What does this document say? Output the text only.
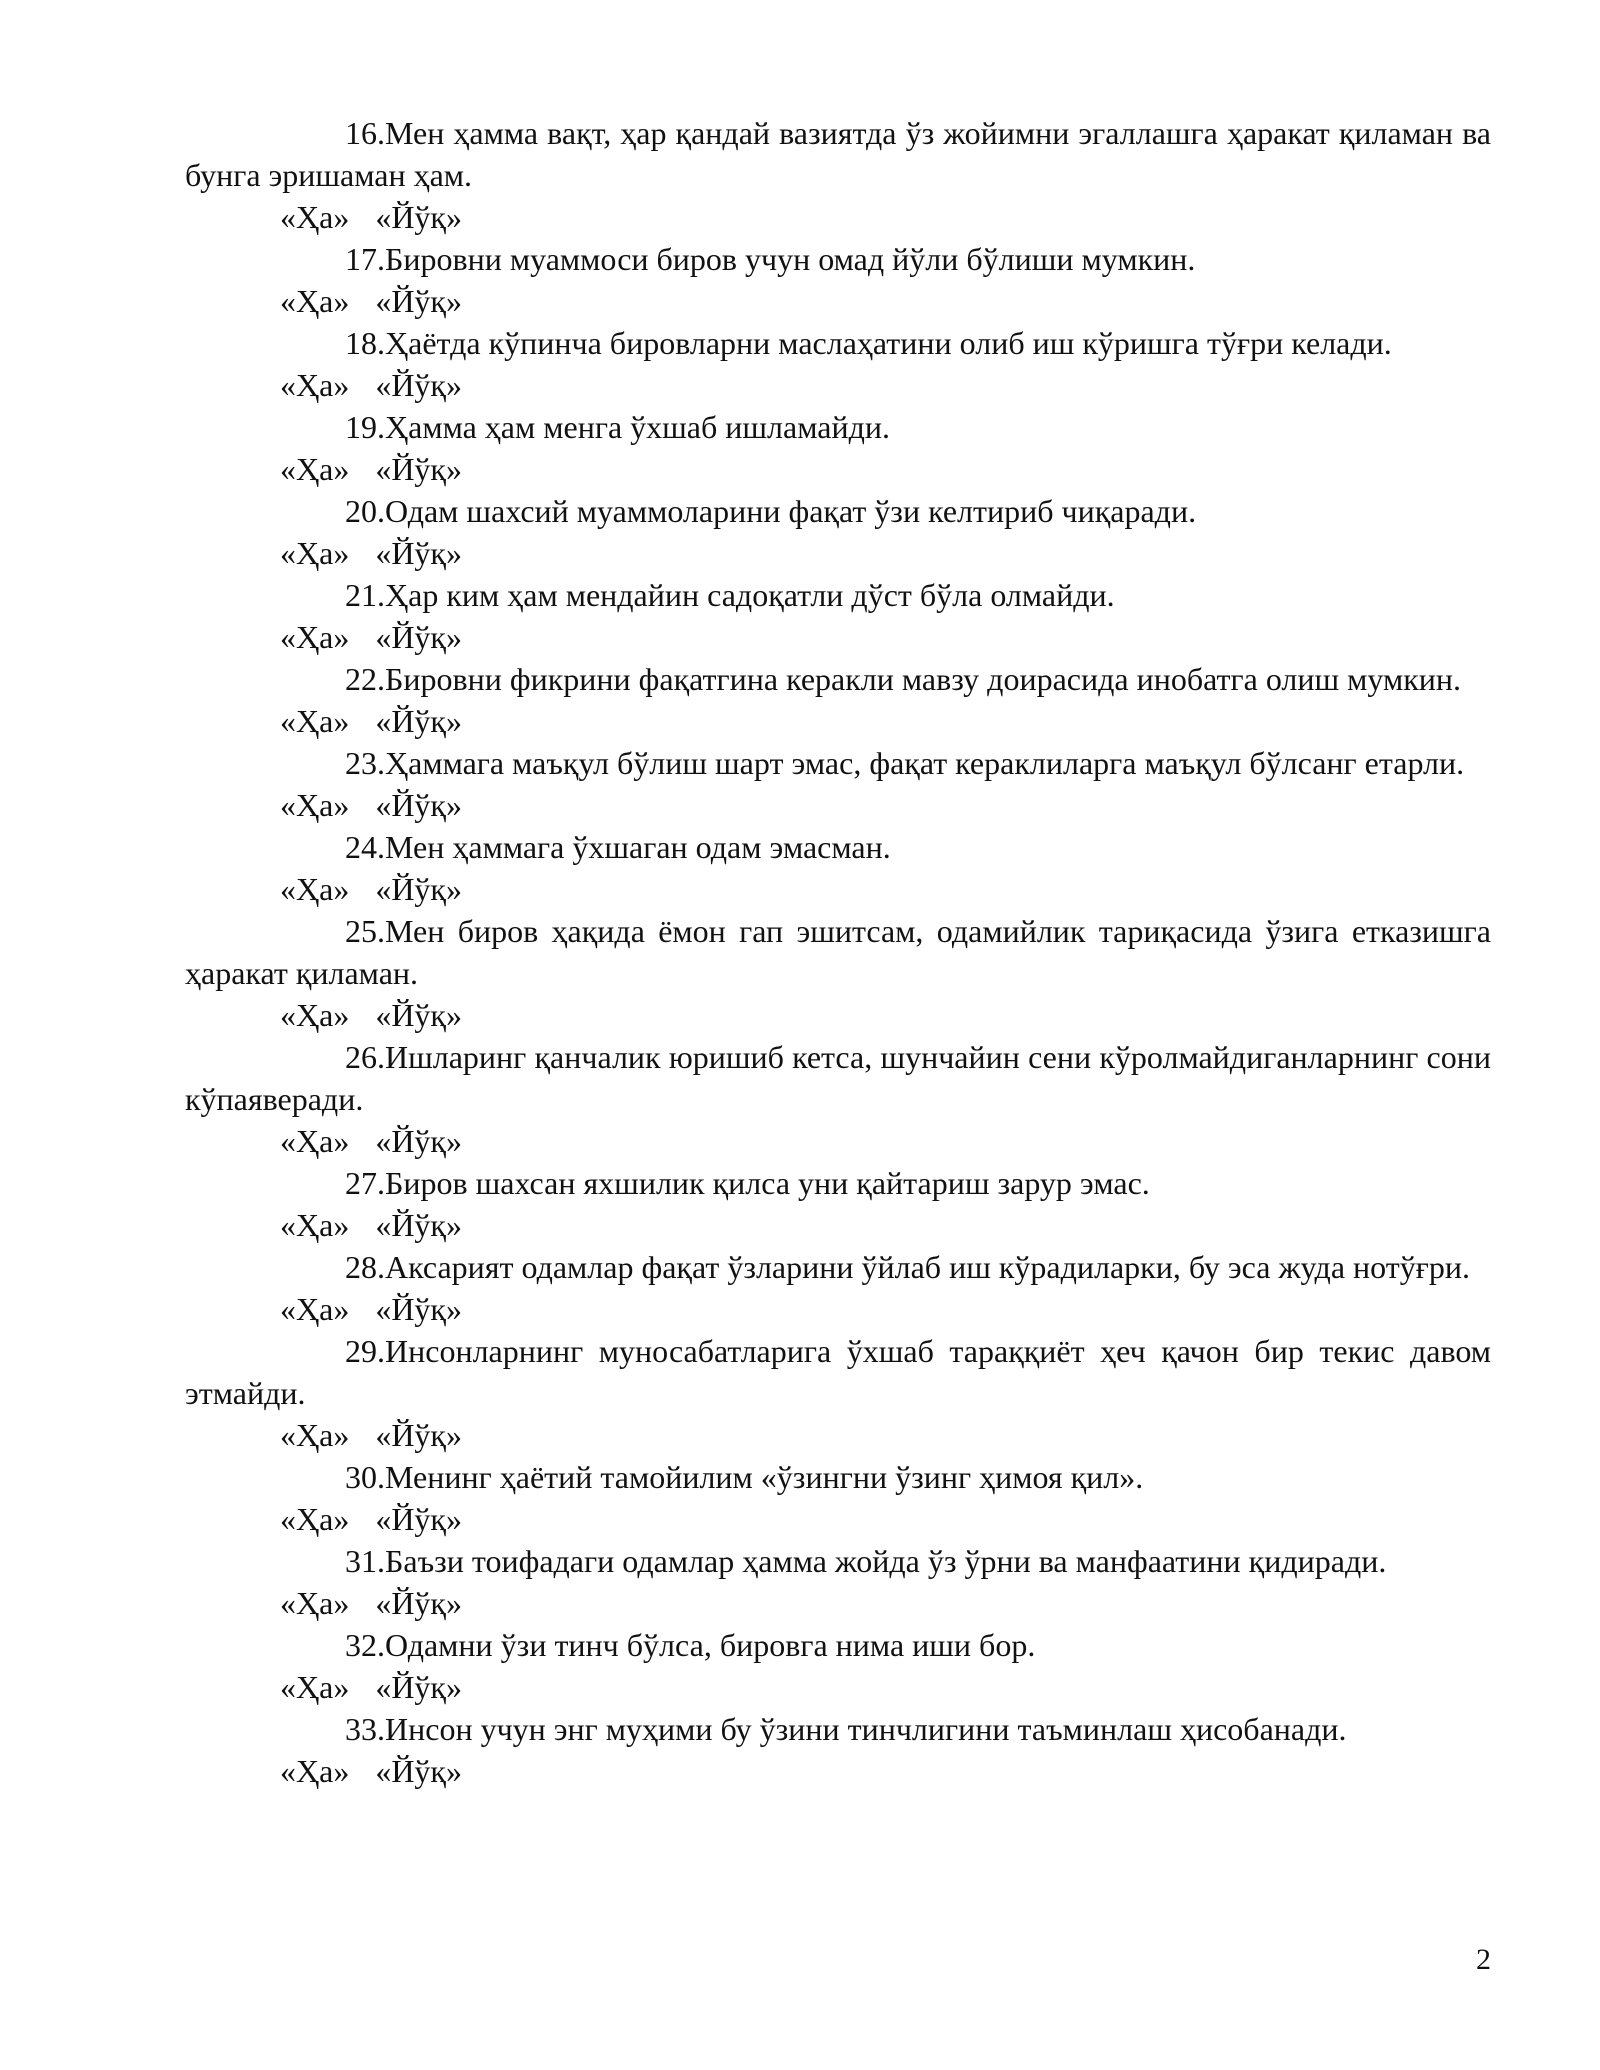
16.Мен ҳамма вақт, ҳар қандай вазиятда ўз жойимни эгаллашга ҳаракат қиламан ва бунга эришаман ҳам.

«Ҳа» «Йўқ»

17.Бировни муаммоси биров учун омад йўли бўлиши мумкин.

«Ҳа» «Йўқ»

18.Ҳаётда кўпинча бировларни маслаҳатини олиб иш кўришга тўғри келади.

«Ҳа» «Йўқ»

19.Ҳамма ҳам менга ўхшаб ишламайди.

«Ҳа» «Йўқ»

20.Одам шахсий муаммоларини фақат ўзи келтириб чиқаради.

«Ҳа» «Йўқ»

21.Ҳар ким ҳам мендайин садоқатли дўст бўла олмайди.

«Ҳа» «Йўқ»

22.Бировни фикрини фақатгина керакли мавзу доирасида инобатга олиш мумкин.

«Ҳа» «Йўқ»

23.Ҳаммага маъқул бўлиш шарт эмас, фақат кераклиларга маъқул бўлсанг етарли.

«Ҳа» «Йўқ»

24.Мен ҳаммага ўхшаган одам эмасман.

«Ҳа» «Йўқ»

25.Мен биров ҳақида ёмон гап эшитсам, одамийлик тариқасида ўзига етказишга ҳаракат қиламан.

«Ҳа» «Йўқ»

26.Ишларинг қанчалик юришиб кетса, шунчайин сени кўролмайдиганларнинг сони кўпаяверади.

«Ҳа» «Йўқ»

27.Биров шахсан яхшилик қилса уни қайтариш зарур эмас.

«Ҳа» «Йўқ»

28.Аксарият одамлар фақат ўзларини ўйлаб иш кўрадиларки, бу эса жуда нотўғри.

«Ҳа» «Йўқ»

29.Инсонларнинг муносабатларига ўхшаб тараққиёт ҳеч қачон бир текис давом этмайди.

«Ҳа» «Йўқ»

30.Менинг ҳаётий тамойилим «ўзингни ўзинг ҳимоя қил».

«Ҳа» «Йўқ»

31.Баъзи тоифадаги одамлар ҳамма жойда ўз ўрни ва манфаатини қидиради.

«Ҳа» «Йўқ»

32.Одамни ўзи тинч бўлса, бировга нима иши бор.

«Ҳа» «Йўқ»

33.Инсон учун энг муҳими бу ўзини тинчлигини таъминлаш ҳисобанади.

«Ҳа» «Йўқ»
2
